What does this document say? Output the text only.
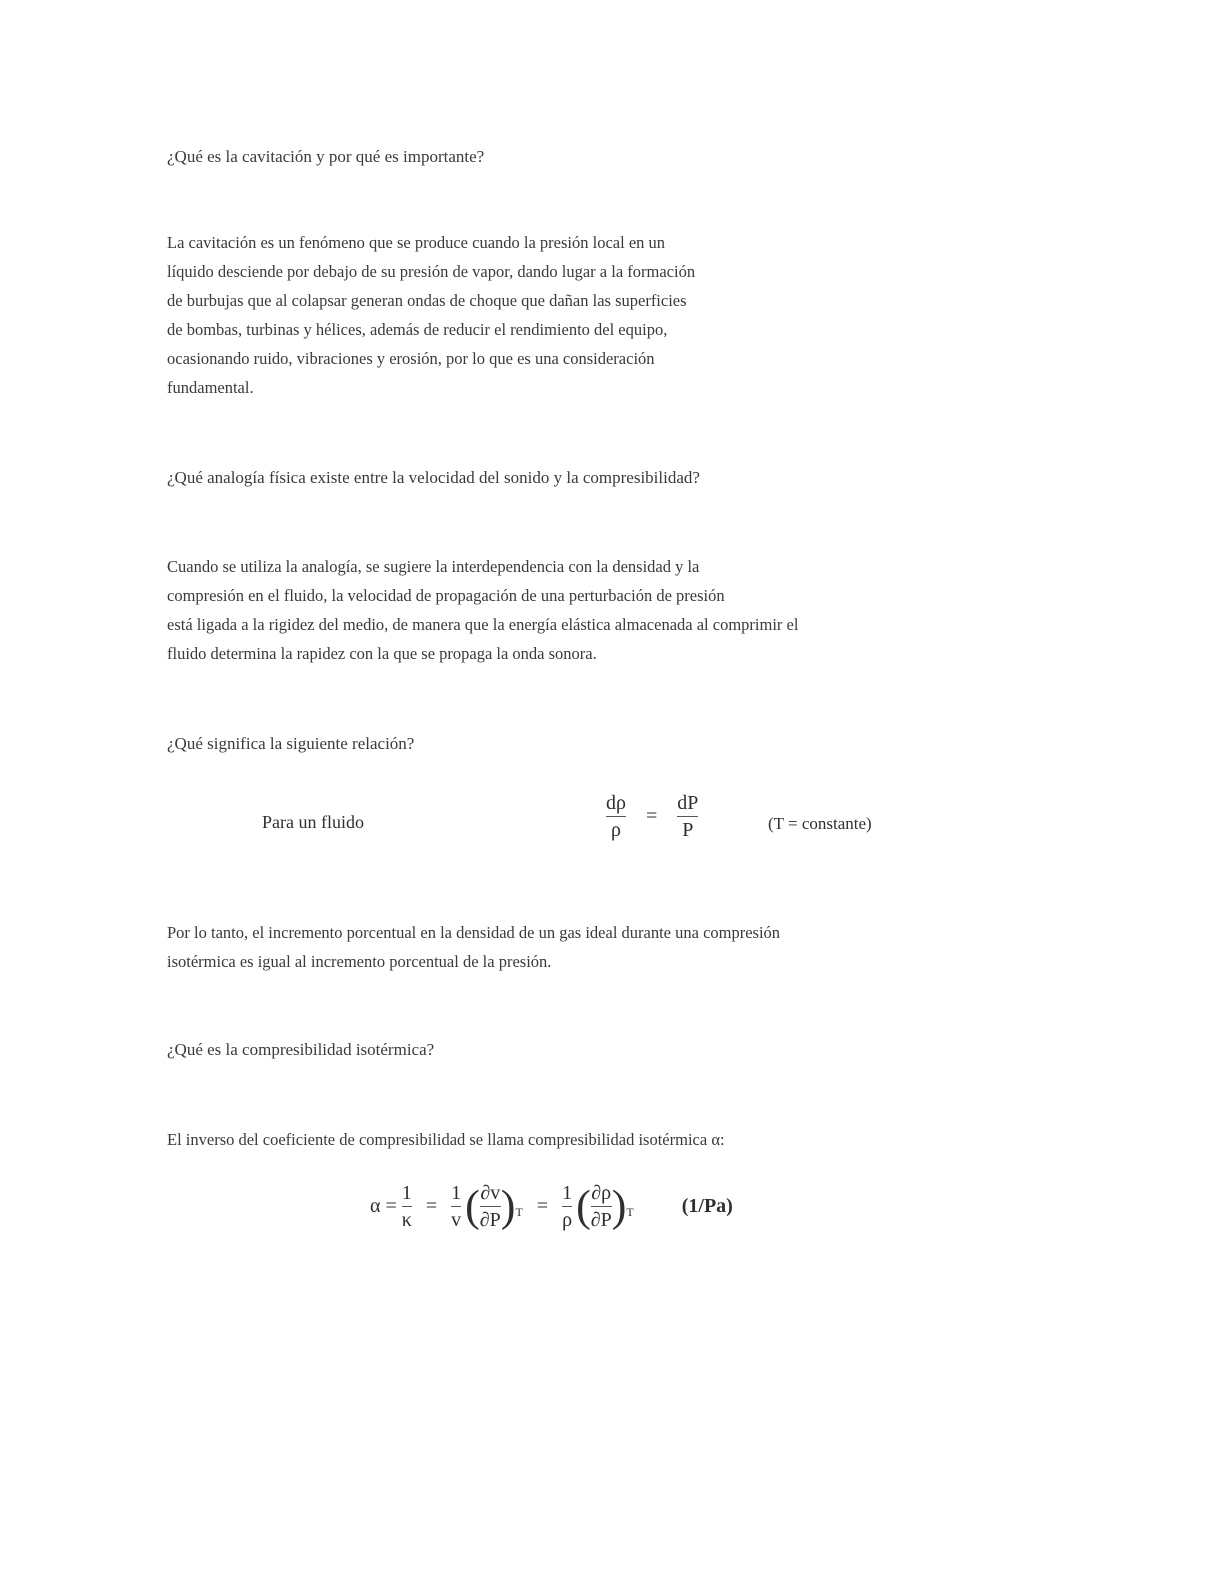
¿Qué es la cavitación y por qué es importante?
La cavitación es un fenómeno que se produce cuando la presión local en un
líquido desciende por debajo de su presión de vapor, dando lugar a la formación
de burbujas que al colapsar generan ondas de choque que dañan las superficies
de bombas, turbinas y hélices, además de reducir el rendimiento del equipo,
ocasionando ruido, vibraciones y erosión, por lo que es una consideración
fundamental.
¿Qué analogía física existe entre la velocidad del sonido y la compresibilidad?
Cuando se utiliza la analogía, se sugiere la interdependencia con la densidad y la
compresión en el fluido, la velocidad de propagación de una perturbación de presión
está ligada a la rigidez del medio, de manera que la energía elástica almacenada al comprimir el
fluido determina la rapidez con la que se propaga la onda sonora.
¿Qué significa la siguiente relación?
Para un fluido	$\frac{d\rho}{\rho} = \frac{dP}{P}$	(T = constante)
Por lo tanto, el incremento porcentual en la densidad de un gas ideal durante una compresión
isotérmica es igual al incremento porcentual de la presión.
¿Qué es la compresibilidad isotérmica?
El inverso del coeficiente de compresibilidad se llama compresibilidad isotérmica α:
$\alpha = \frac{1}{\kappa} = \frac{1}{v}$ ( $\frac{\partial v}{\partial P} )_T = \frac{1}{\rho}$ ( $\frac{\partial\rho}{\partial P} )_T$ (1/Pa)
